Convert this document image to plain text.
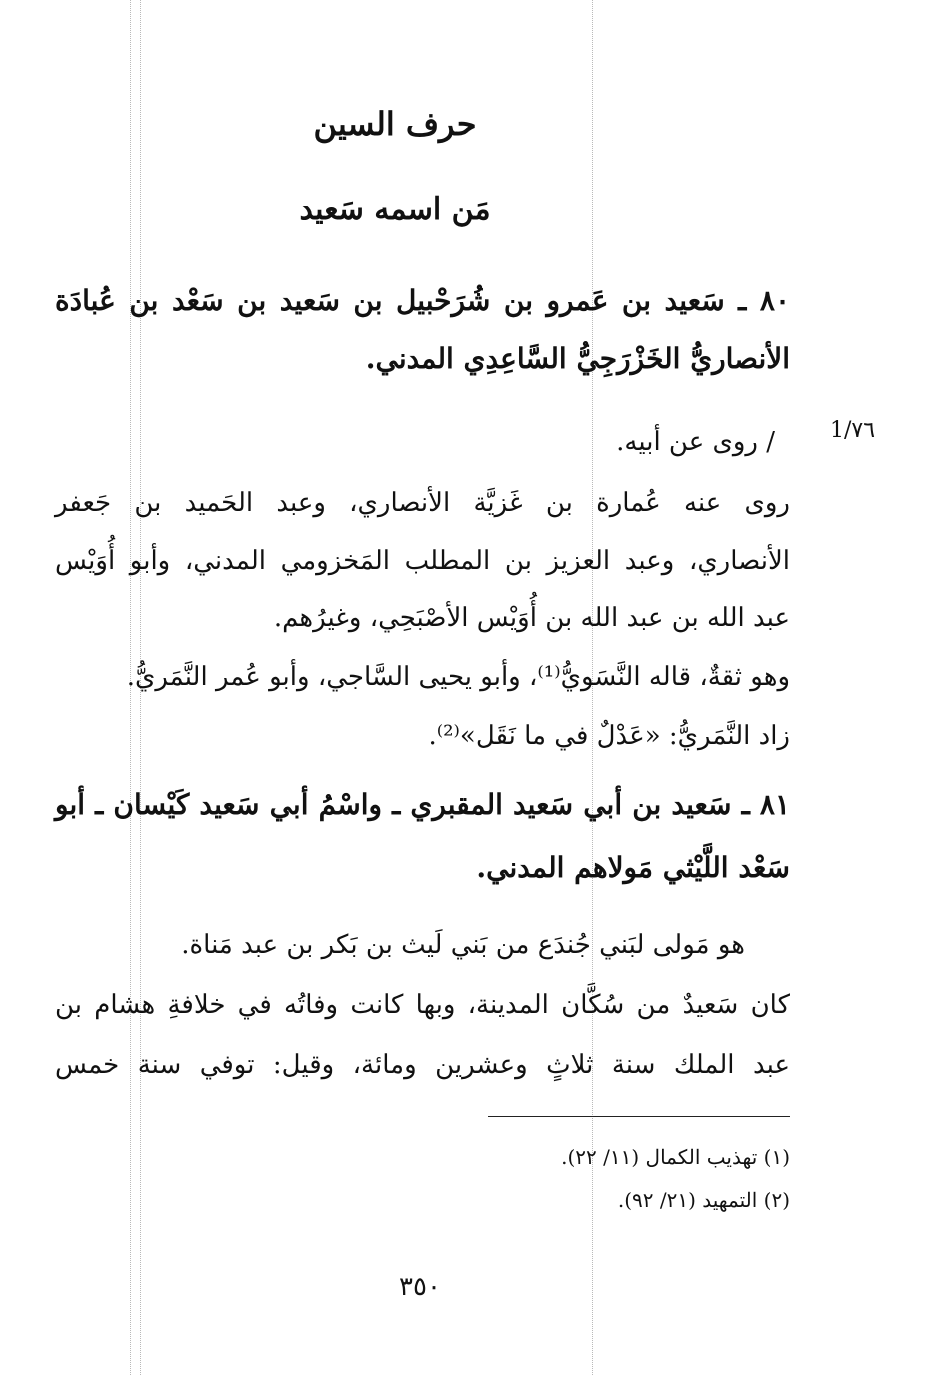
حرف السين
مَن اسمه سَعيد
٨٠ ـ سَعيد بن عَمرو بن شُرَحْبيل بن سَعيد بن سَعْد بن عُبادَة
الأنصاريُّ الخَزْرَجِيُّ السَّاعِدِي المدني.
1/٧٦
/ روى عن أبيه.
روى عنه عُمارة بن غَزيَّة الأنصاري، وعبد الحَميد بن جَعفر
الأنصاري، وعبد العزيز بن المطلب المَخزومي المدني، وأبو أُوَيْس
عبد الله بن عبد الله بن أُوَيْس الأصْبَحِي، وغيرُهم.
وهو ثقةٌ، قاله النَّسَويُّ⁽¹⁾، وأبو يحيى السَّاجي، وأبو عُمر النَّمَريُّ.
زاد النَّمَريُّ: «عَدْلٌ في ما نَقَل»⁽²⁾.
٨١ ـ سَعيد بن أبي سَعيد المقبري ـ واسْمُ أبي سَعيد كَيْسان ـ أبو
سَعْد اللَّيْثي مَولاهم المدني.
هو مَولى لبَني جُندَع من بَني لَيث بن بَكر بن عبد مَناة.
كان سَعيدٌ من سُكَّان المدينة، وبها كانت وفاتُه في خلافةِ هشام بن
عبد الملك سنة ثلاثٍ وعشرين ومائة، وقيل: توفي سنة خمس
(١) تهذيب الكمال (١١/ ٢٢).
(٢) التمهيد (٢١/ ٩٢).
٣٥٠
